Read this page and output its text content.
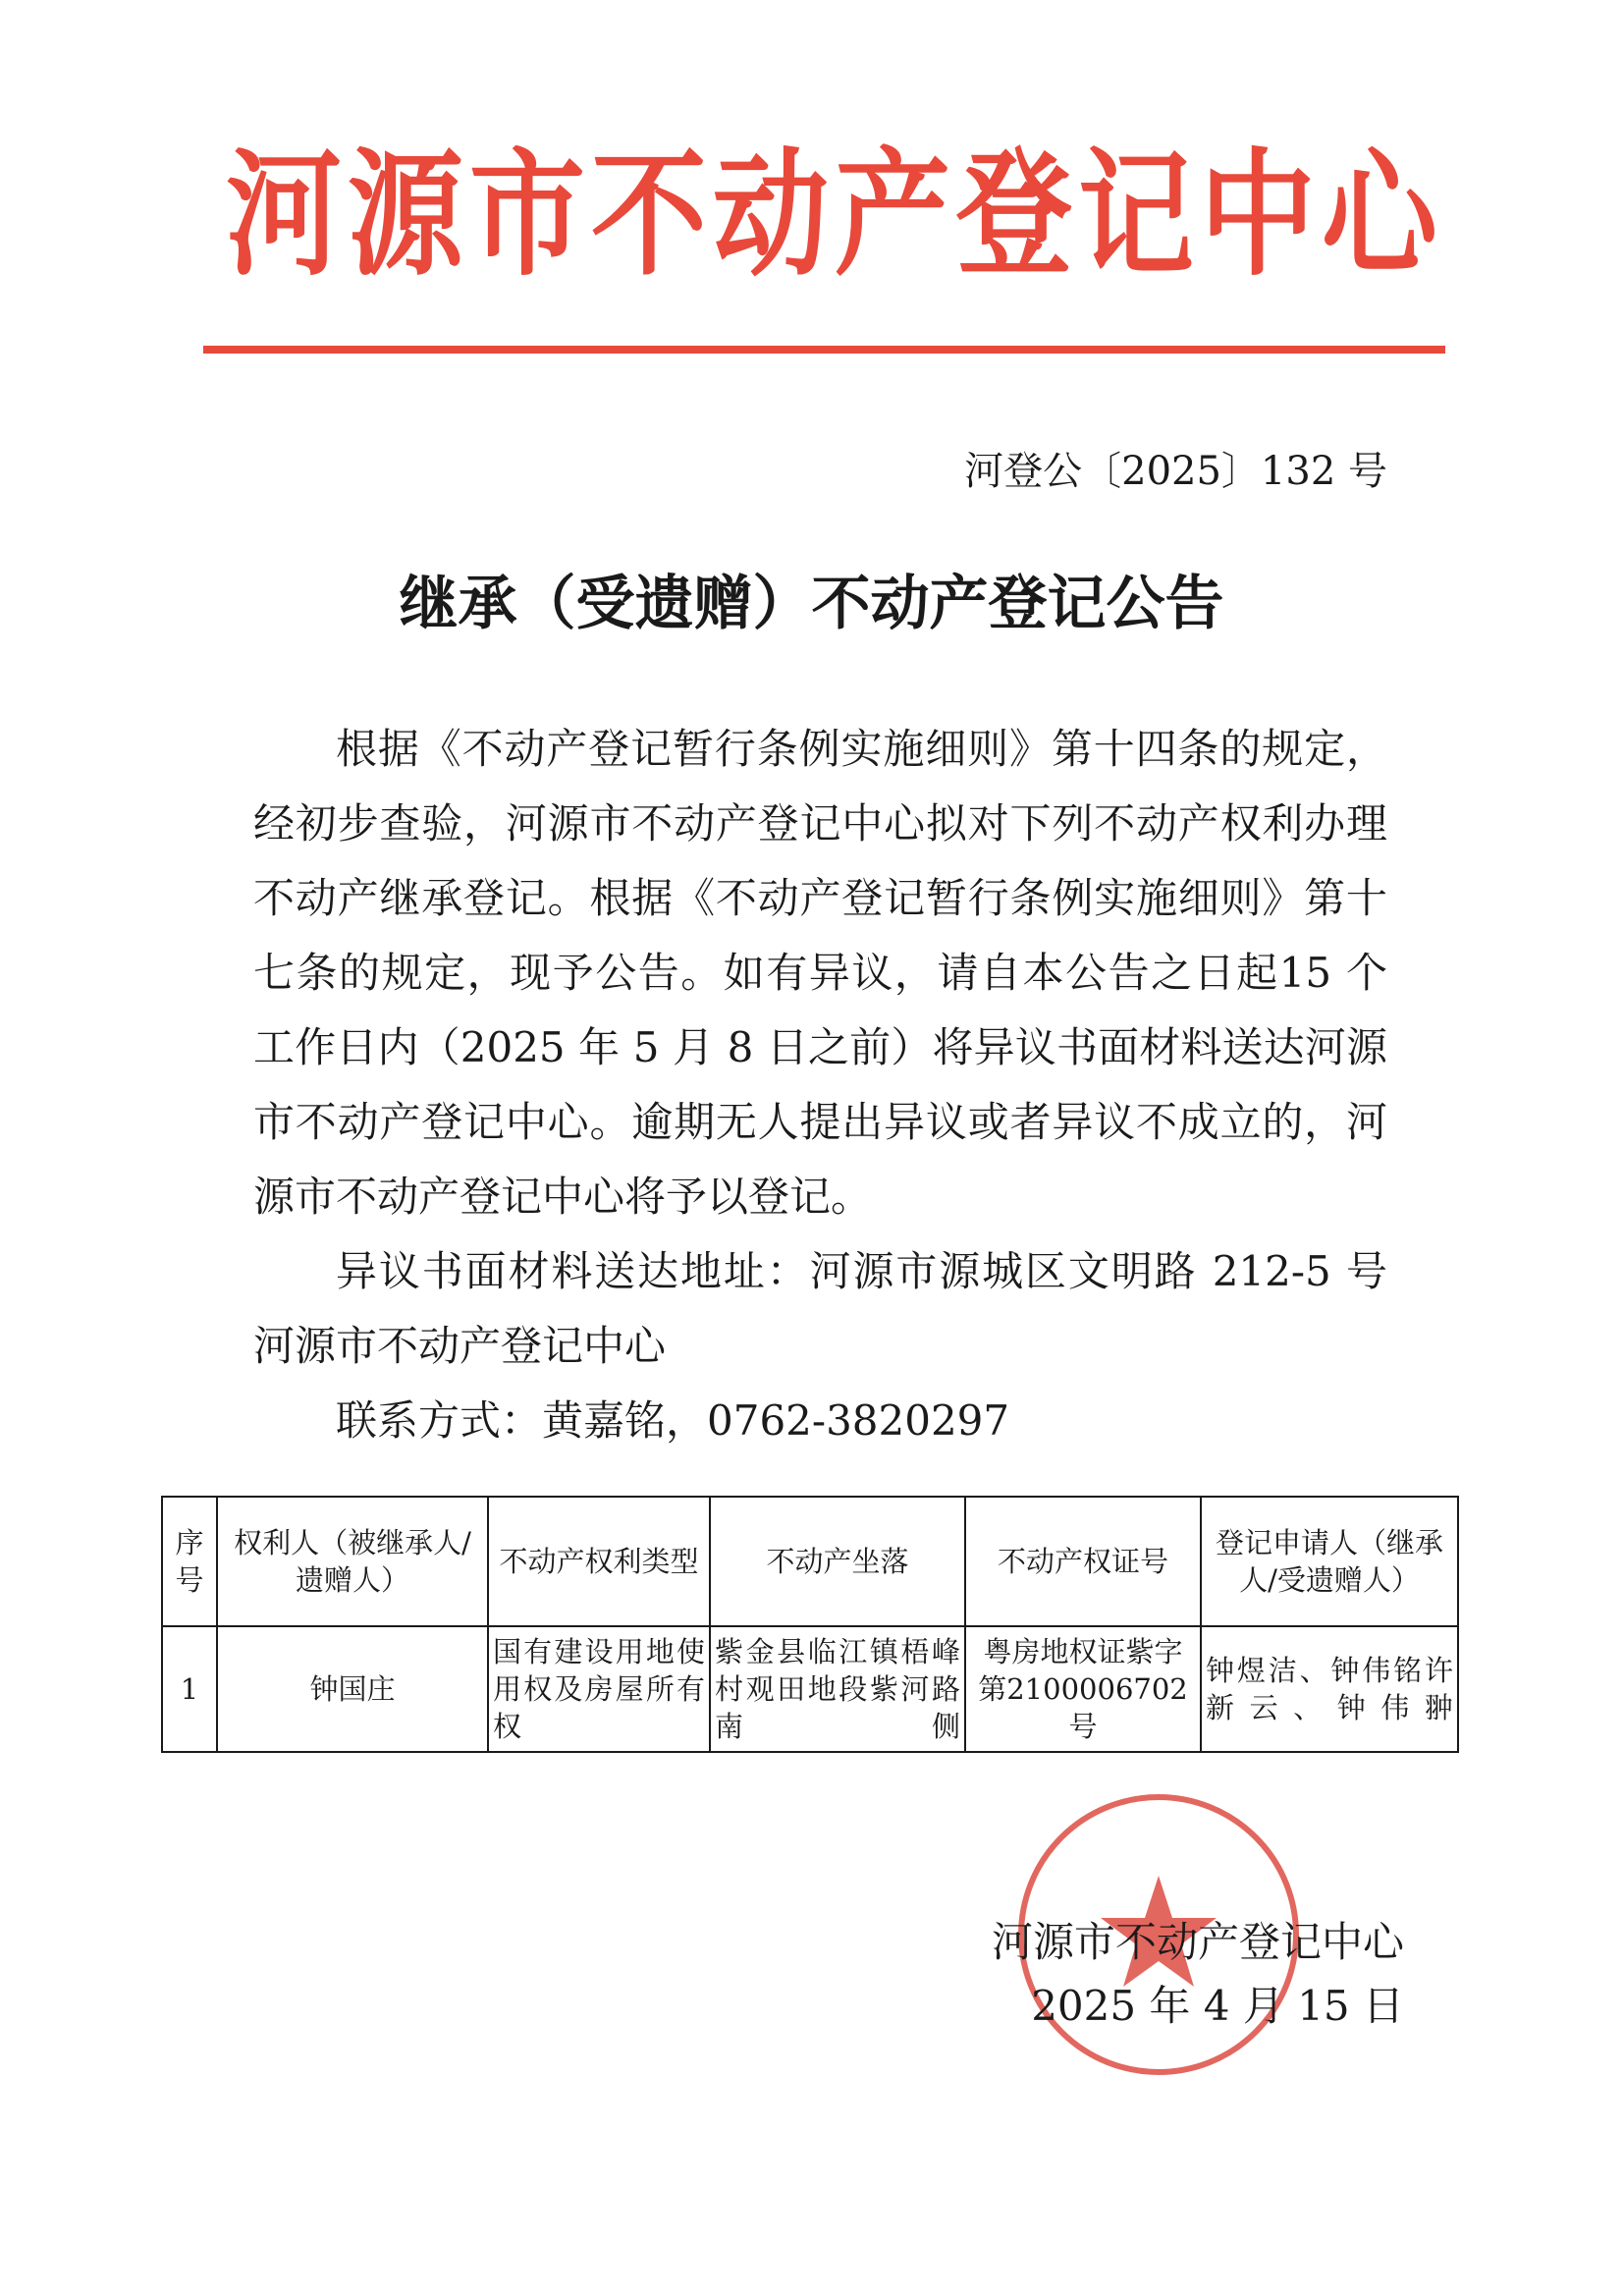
河源市不动产登记中心
河登公〔2025〕132 号
继承（受遗赠）不动产登记公告

根据《不动产登记暂行条例实施细则》第十四条的规定，经初步查验，河源市不动产登记中心拟对下列不动产权利办理不动产继承登记。根据《不动产登记暂行条例实施细则》第十七条的规定，现予公告。如有异议，请自本公告之日起15 个工作日内（2025 年 5 月 8 日之前）将异议书面材料送达河源市不动产登记中心。逾期无人提出异议或者异议不成立的，河源市不动产登记中心将予以登记。

异议书面材料送达地址：河源市源城区文明路 212-5 号河源市不动产登记中心

联系方式：黄嘉铭，0762-3820297

序号	权利人（被继承人/遗赠人）	不动产权利类型	不动产坐落	不动产权证号	登记申请人（继承人/受遗赠人）
1	钟国庄	国有建设用地使用权及房屋所有权	紫金县临江镇梧峰村观田地段紫河路南侧	粤房地权证紫字第2100006702 号	钟煜洁、钟伟铭许新云、钟伟翀
河源市不动产登记中心
2025 年 4 月 15 日
